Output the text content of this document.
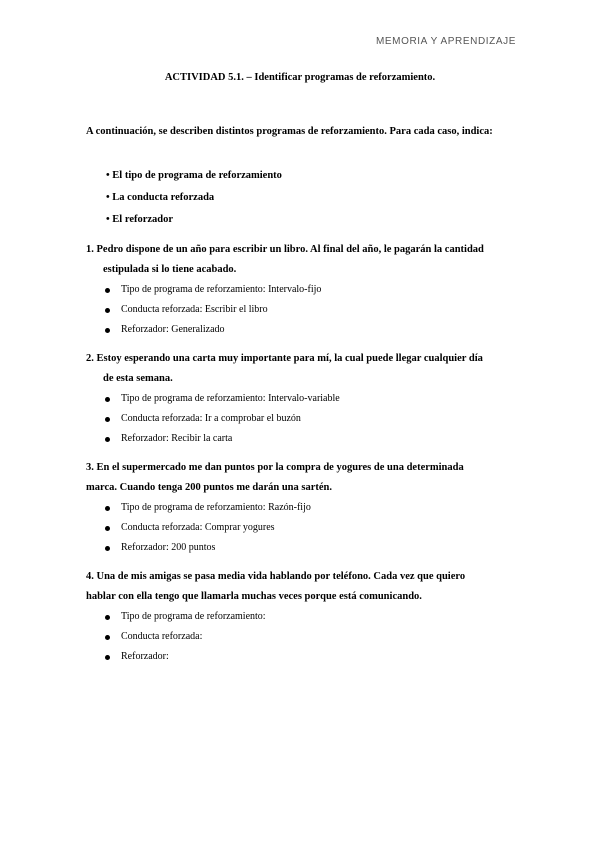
MEMORIA Y APRENDIZAJE
ACTIVIDAD 5.1. – Identificar programas de reforzamiento.
A continuación, se describen distintos programas de reforzamiento. Para cada caso, indica:
• El tipo de programa de reforzamiento
• La conducta reforzada
• El reforzador
1. Pedro dispone de un año para escribir un libro. Al final del año, le pagarán la cantidad
estipulada si lo tiene acabado.
Tipo de programa de reforzamiento: Intervalo-fijo
Conducta reforzada: Escribir el libro
Reforzador: Generalizado
2. Estoy esperando una carta muy importante para mí, la cual puede llegar cualquier día
de esta semana.
Tipo de programa de reforzamiento: Intervalo-variable
Conducta reforzada: Ir a comprobar el buzón
Reforzador: Recibir la carta
3. En el supermercado me dan puntos por la compra de yogures de una determinada
marca. Cuando tenga 200 puntos me darán una sartén.
Tipo de programa de reforzamiento: Razón-fijo
Conducta reforzada: Comprar yogures
Reforzador: 200 puntos
4. Una de mis amigas se pasa media vida hablando por teléfono. Cada vez que quiero
hablar con ella tengo que llamarla muchas veces porque está comunicando.
Tipo de programa de reforzamiento:
Conducta reforzada:
Reforzador:
